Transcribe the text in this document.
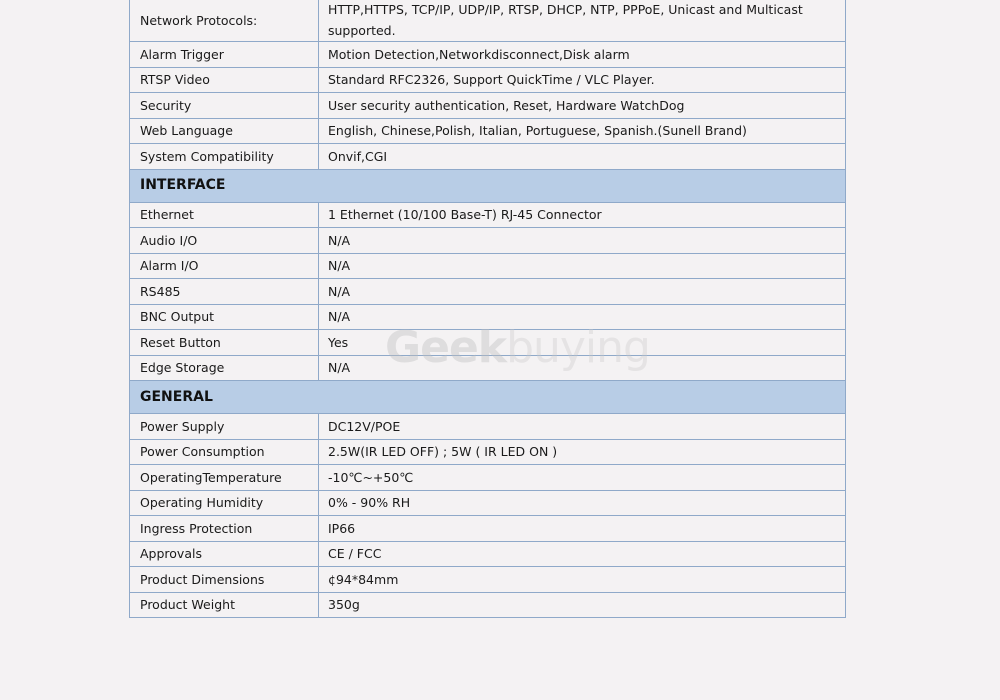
Network Protocols:	HTTP,HTTPS, TCP/IP, UDP/IP, RTSP, DHCP, NTP, PPPoE, Unicast and Multicast supported.
Alarm Trigger	Motion Detection,Networkdisconnect,Disk alarm
RTSP Video	Standard RFC2326, Support QuickTime / VLC Player.
Security	User security authentication, Reset, Hardware WatchDog
Web Language	English, Chinese,Polish, Italian, Portuguese, Spanish.(Sunell Brand)
System Compatibility	Onvif,CGI
INTERFACE	
Ethernet	1 Ethernet (10/100 Base-T) RJ-45 Connector
Audio I/O	N/A
Alarm I/O	N/A
RS485	N/A
BNC Output	N/A
Reset Button	Yes
Edge Storage	N/A
GENERAL	
Power Supply	DC12V/POE
Power Consumption	2.5W(IR LED OFF) ; 5W ( IR LED ON )
OperatingTemperature	-10℃~+50℃
Operating Humidity	0% - 90% RH
Ingress Protection	IP66
Approvals	CE / FCC
Product Dimensions	¢94*84mm
Product Weight	350g
Geekbuying
